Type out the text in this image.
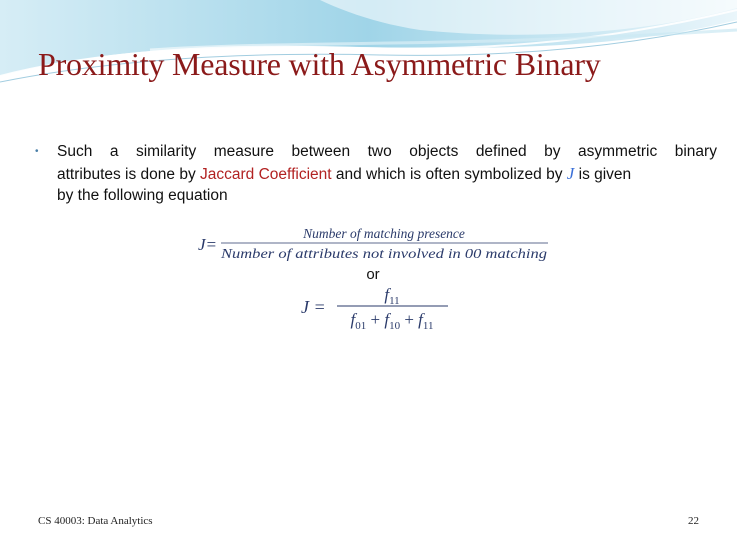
Proximity Measure with Asymmetric Binary
• Such a similarity measure between two objects defined by asymmetric binary
attributes is done by Jaccard Coefficient and which is often symbolized by J is given
by the following equation
J=
Number of matching presence
Number of attributes not involved in 00 matching
or
J =
$f_{11}$
$f_{01} + f_{10} + f_{11}$
CS 40003: Data Analytics	22
